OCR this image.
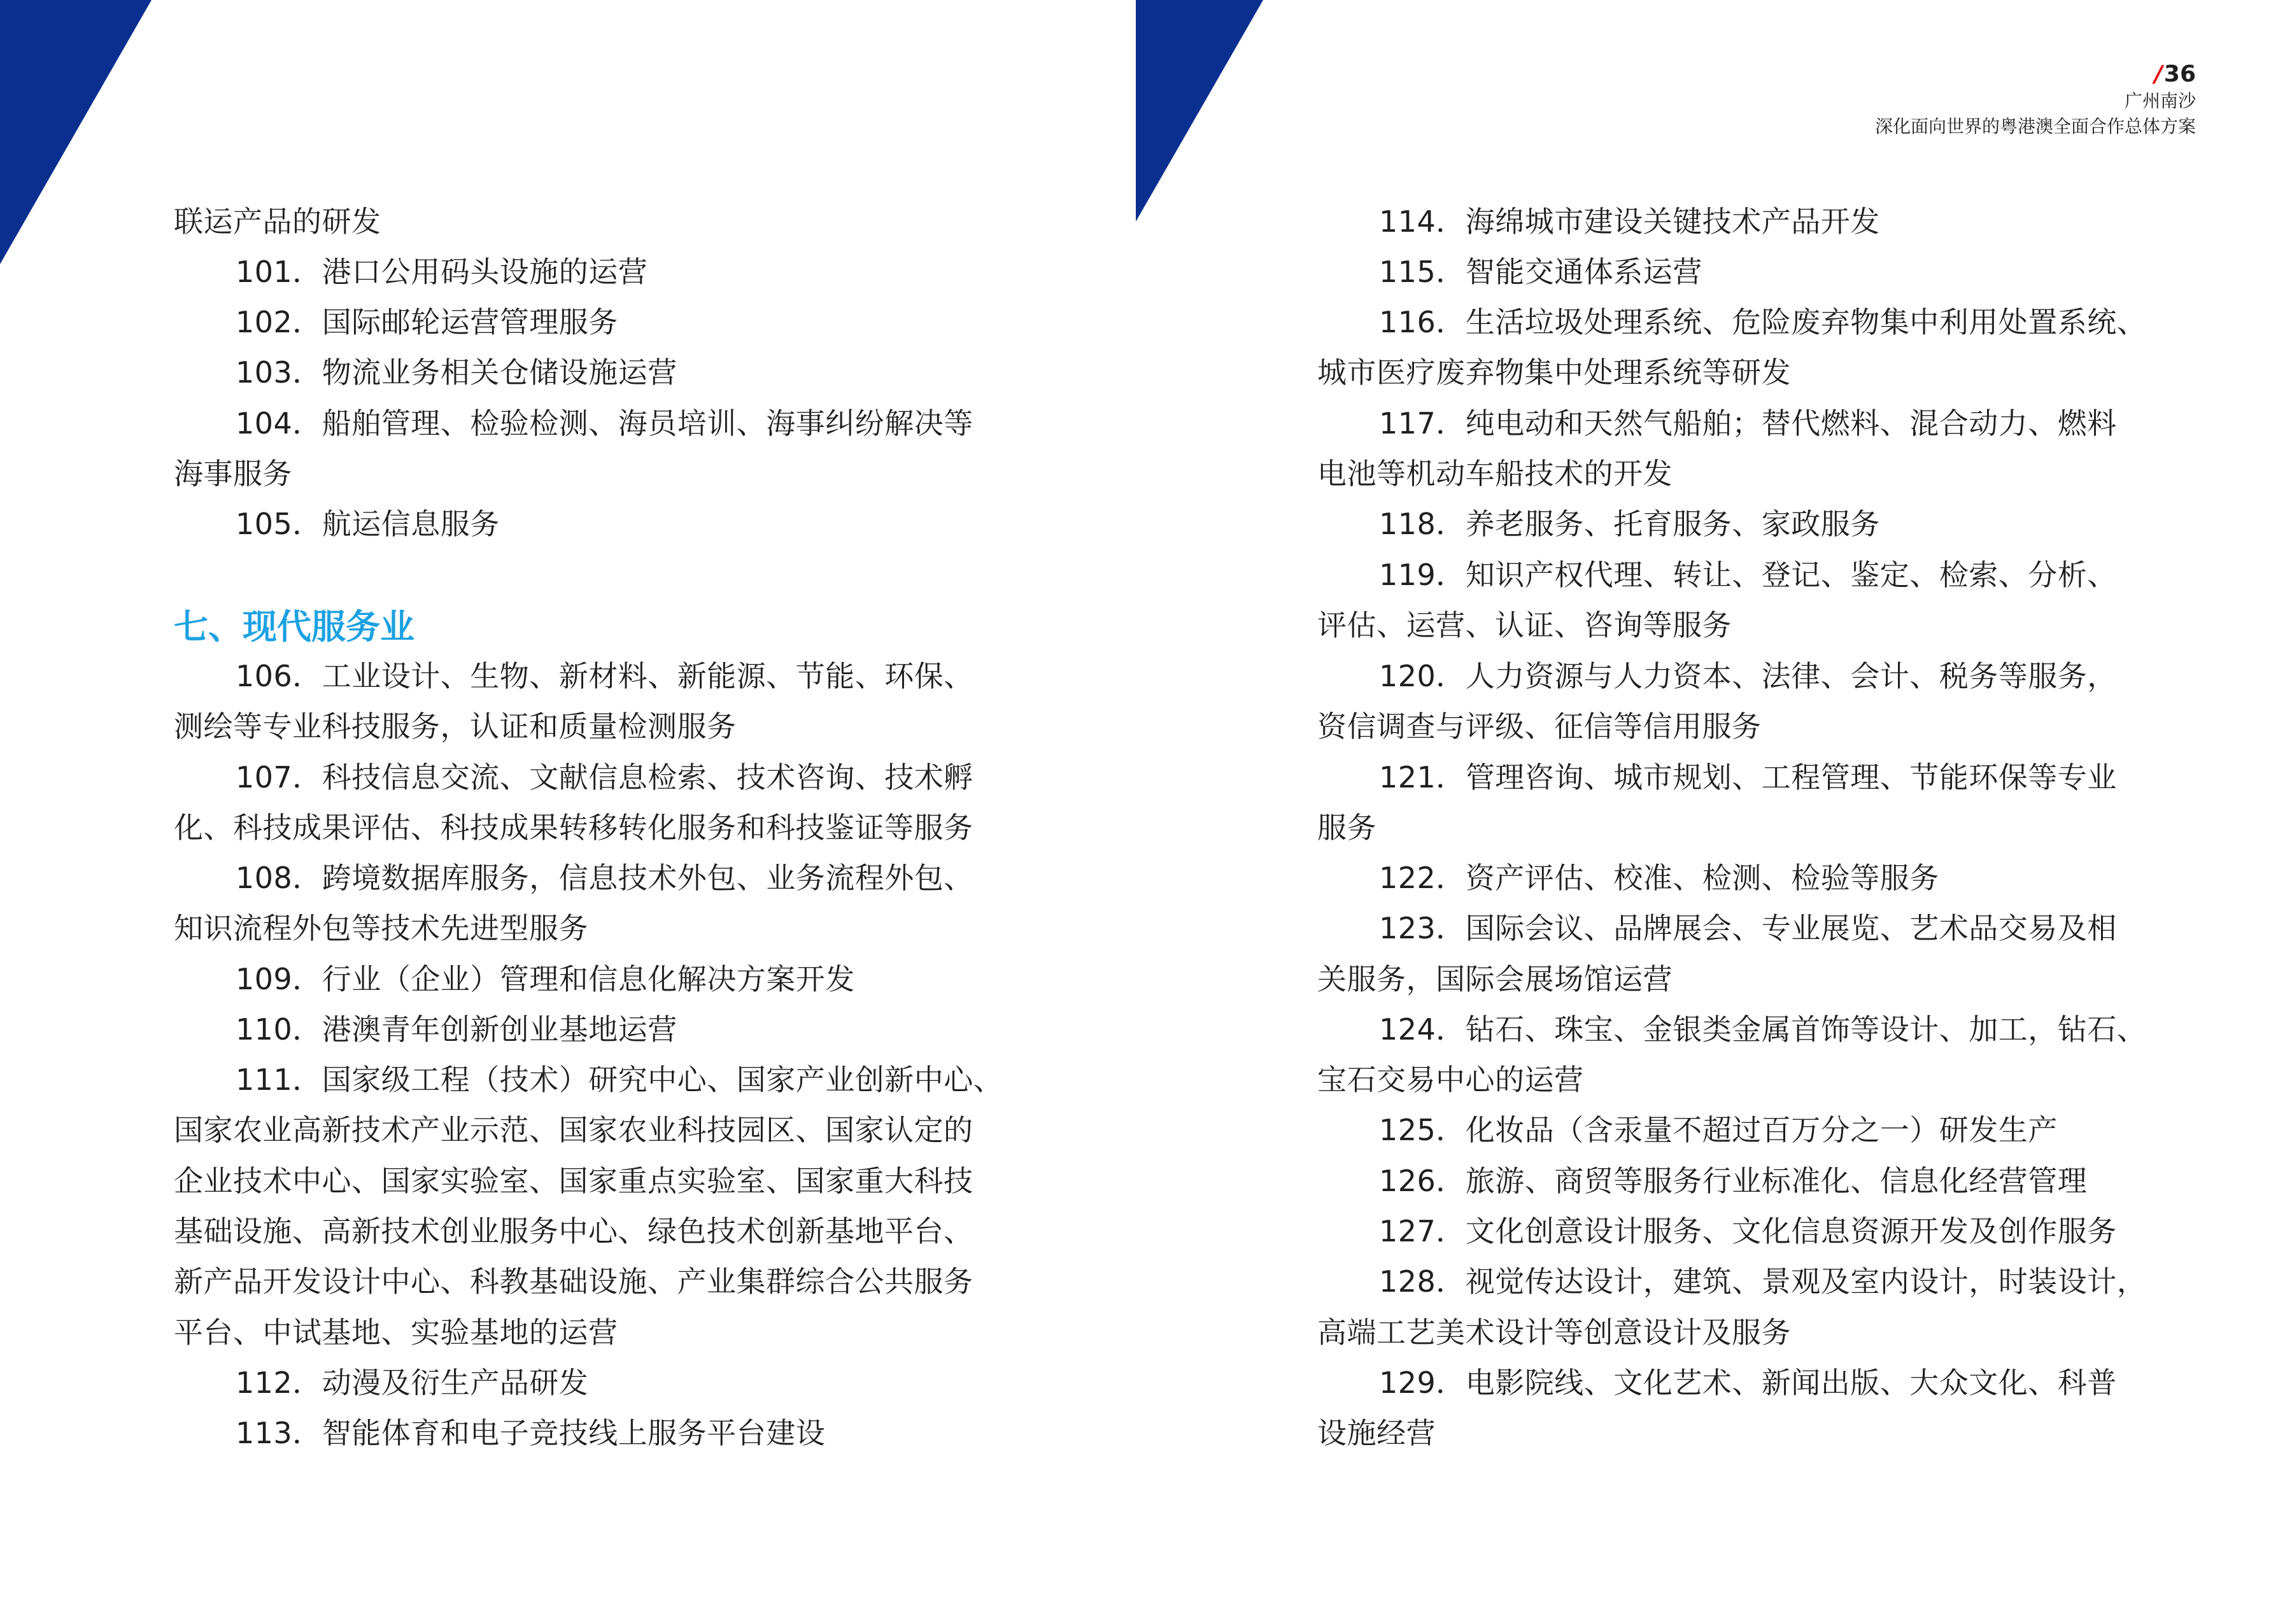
联运产品的研发
101．港口公用码头设施的运营
102．国际邮轮运营管理服务
103．物流业务相关仓储设施运营
104．船舶管理、检验检测、海员培训、海事纠纷解决等
海事服务
105．航运信息服务
七、现代服务业
106．工业设计、生物、新材料、新能源、节能、环保、
测绘等专业科技服务，认证和质量检测服务
107．科技信息交流、文献信息检索、技术咨询、技术孵
化、科技成果评估、科技成果转移转化服务和科技鉴证等服务
108．跨境数据库服务，信息技术外包、业务流程外包、
知识流程外包等技术先进型服务
109．行业（企业）管理和信息化解决方案开发
110．港澳青年创新创业基地运营
111．国家级工程（技术）研究中心、国家产业创新中心、
国家农业高新技术产业示范、国家农业科技园区、国家认定的
企业技术中心、国家实验室、国家重点实验室、国家重大科技
基础设施、高新技术创业服务中心、绿色技术创新基地平台、
新产品开发设计中心、科教基础设施、产业集群综合公共服务
平台、中试基地、实验基地的运营
112．动漫及衍生产品研发
113．智能体育和电子竞技线上服务平台建设
/36
广州南沙
深化面向世界的粤港澳全面合作总体方案
114．海绵城市建设关键技术产品开发
115．智能交通体系运营
116．生活垃圾处理系统、危险废弃物集中利用处置系统、
城市医疗废弃物集中处理系统等研发
117．纯电动和天然气船舶；替代燃料、混合动力、燃料
电池等机动车船技术的开发
118．养老服务、托育服务、家政服务
119．知识产权代理、转让、登记、鉴定、检索、分析、
评估、运营、认证、咨询等服务
120．人力资源与人力资本、法律、会计、税务等服务，
资信调查与评级、征信等信用服务
121．管理咨询、城市规划、工程管理、节能环保等专业
服务
122．资产评估、校准、检测、检验等服务
123．国际会议、品牌展会、专业展览、艺术品交易及相
关服务，国际会展场馆运营
124．钻石、珠宝、金银类金属首饰等设计、加工，钻石、
宝石交易中心的运营
125．化妆品（含汞量不超过百万分之一）研发生产
126．旅游、商贸等服务行业标准化、信息化经营管理
127．文化创意设计服务、文化信息资源开发及创作服务
128．视觉传达设计，建筑、景观及室内设计，时装设计，
高端工艺美术设计等创意设计及服务
129．电影院线、文化艺术、新闻出版、大众文化、科普
设施经营
